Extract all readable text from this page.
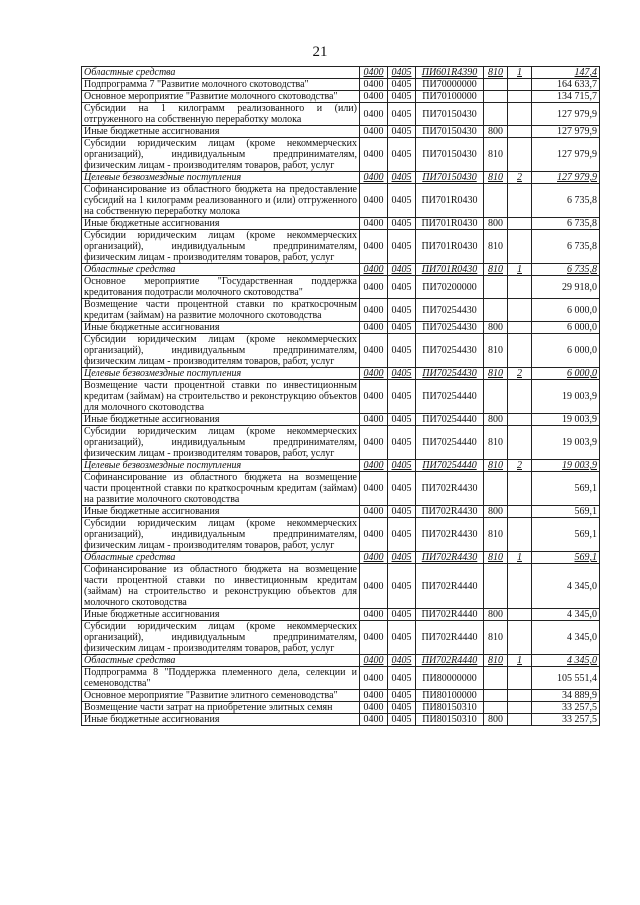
21
Областные средства	0400	0405	ПИ601R4390	810	1	147,4
Подпрограмма 7 "Развитие молочного скотоводства"	0400	0405	ПИ70000000			164 633,7
Основное мероприятие "Развитие молочного скотоводства"	0400	0405	ПИ70100000			134 715,7
Субсидии на 1 килограмм реализованного и (или) отгруженного на собственную переработку молока	0400	0405	ПИ70150430			127 979,9
Иные бюджетные ассигнования	0400	0405	ПИ70150430	800		127 979,9
Субсидии юридическим лицам (кроме некоммерческих организаций), индивидуальным предпринимателям, физическим лицам - производителям товаров, работ, услуг	0400	0405	ПИ70150430	810		127 979,9
Целевые безвозмездные поступления	0400	0405	ПИ70150430	810	2	127 979,9
Софинансирование из областного бюджета на предоставление субсидий на 1 килограмм реализованного и (или) отгруженного на собственную переработку молока	0400	0405	ПИ701R0430			6 735,8
Иные бюджетные ассигнования	0400	0405	ПИ701R0430	800		6 735,8
Субсидии юридическим лицам (кроме некоммерческих организаций), индивидуальным предпринимателям, физическим лицам - производителям товаров, работ, услуг	0400	0405	ПИ701R0430	810		6 735,8
Областные средства	0400	0405	ПИ701R0430	810	1	6 735,8
Основное мероприятие "Государственная поддержка кредитования подотрасли молочного скотоводства"	0400	0405	ПИ70200000			29 918,0
Возмещение части процентной ставки по краткосрочным кредитам (займам) на развитие молочного скотоводства	0400	0405	ПИ70254430			6 000,0
Иные бюджетные ассигнования	0400	0405	ПИ70254430	800		6 000,0
Субсидии юридическим лицам (кроме некоммерческих организаций), индивидуальным предпринимателям, физическим лицам - производителям товаров, работ, услуг	0400	0405	ПИ70254430	810		6 000,0
Целевые безвозмездные поступления	0400	0405	ПИ70254430	810	2	6 000,0
Возмещение части процентной ставки по инвестиционным кредитам (займам) на строительство и реконструкцию объектов для молочного скотоводства	0400	0405	ПИ70254440			19 003,9
Иные бюджетные ассигнования	0400	0405	ПИ70254440	800		19 003,9
Субсидии юридическим лицам (кроме некоммерческих организаций), индивидуальным предпринимателям, физическим лицам - производителям товаров, работ, услуг	0400	0405	ПИ70254440	810		19 003,9
Целевые безвозмездные поступления	0400	0405	ПИ70254440	810	2	19 003,9
Софинансирование из областного бюджета на возмещение части процентной ставки по краткосрочным кредитам (займам) на развитие молочного скотоводства	0400	0405	ПИ702R4430			569,1
Иные бюджетные ассигнования	0400	0405	ПИ702R4430	800		569,1
Субсидии юридическим лицам (кроме некоммерческих организаций), индивидуальным предпринимателям, физическим лицам - производителям товаров, работ, услуг	0400	0405	ПИ702R4430	810		569,1
Областные средства	0400	0405	ПИ702R4430	810	1	569,1
Софинансирование из областного бюджета на возмещение части процентной ставки по инвестиционным кредитам (займам) на строительство и реконструкцию объектов для молочного скотоводства	0400	0405	ПИ702R4440			4 345,0
Иные бюджетные ассигнования	0400	0405	ПИ702R4440	800		4 345,0
Субсидии юридическим лицам (кроме некоммерческих организаций), индивидуальным предпринимателям, физическим лицам - производителям товаров, работ, услуг	0400	0405	ПИ702R4440	810		4 345,0
Областные средства	0400	0405	ПИ702R4440	810	1	4 345,0
Подпрограмма 8 "Поддержка племенного дела, селекции и семеноводства"	0400	0405	ПИ80000000			105 551,4
Основное мероприятие "Развитие элитного семеноводства"	0400	0405	ПИ80100000			34 889,9
Возмещение части затрат на приобретение элитных семян	0400	0405	ПИ80150310			33 257,5
Иные бюджетные ассигнования	0400	0405	ПИ80150310	800		33 257,5
